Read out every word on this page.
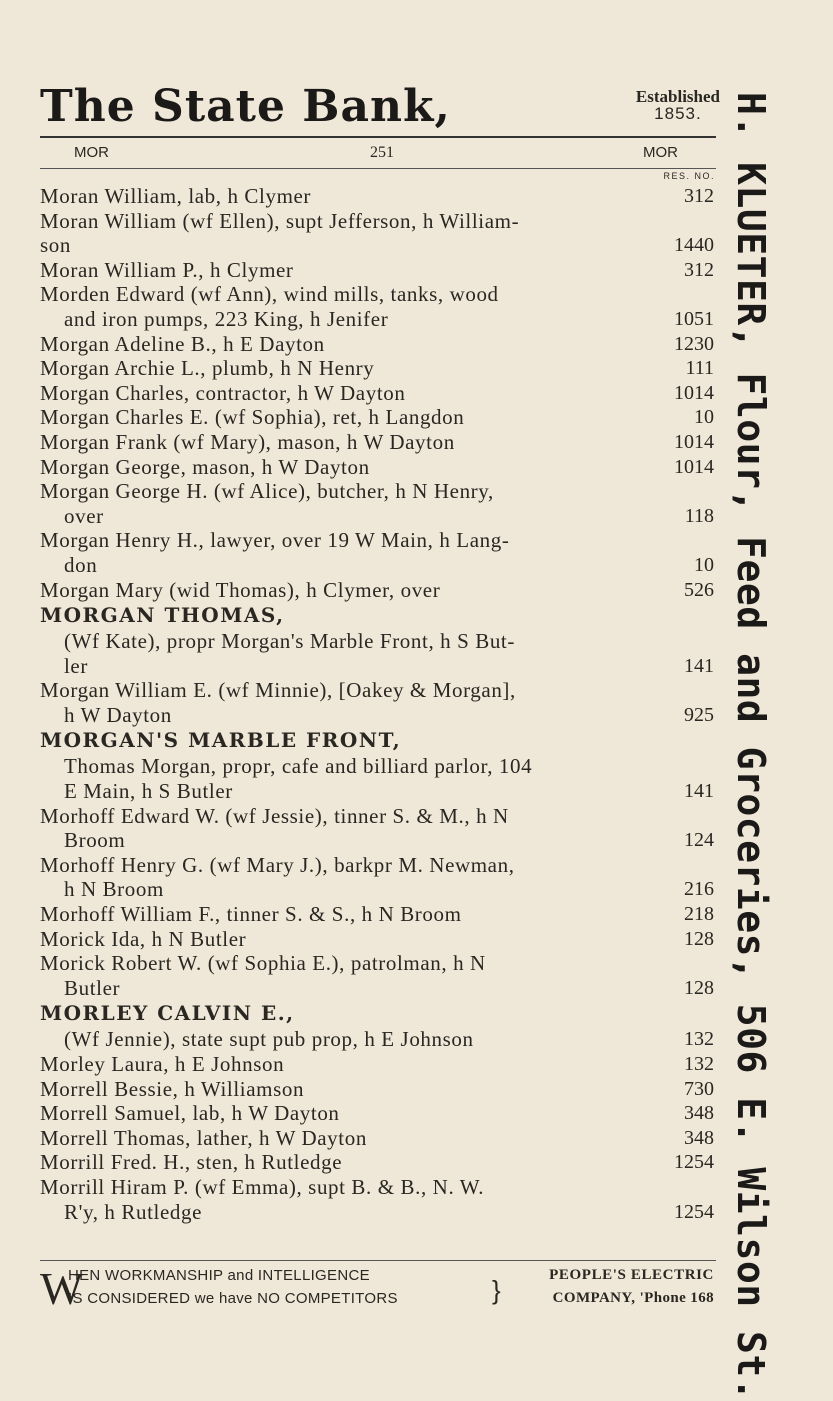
The State Bank,	Established
1853.
MOR	251	MOR
RES. NO.
Moran William, lab, h Clymer	312
Moran William (wf Ellen), supt Jefferson, h William-
son	1440
Moran William P., h Clymer	312
Morden Edward (wf Ann), wind mills, tanks, wood
and iron pumps, 223 King, h Jenifer	1051
Morgan Adeline B., h E Dayton	1230
Morgan Archie L., plumb, h N Henry	111
Morgan Charles, contractor, h W Dayton	1014
Morgan Charles E. (wf Sophia), ret, h Langdon	10
Morgan Frank (wf Mary), mason, h W Dayton	1014
Morgan George, mason, h W Dayton	1014
Morgan George H. (wf Alice), butcher, h N Henry,
over	118
Morgan Henry H., lawyer, over 19 W Main, h Lang-
don	10
Morgan Mary (wid Thomas), h Clymer, over	526
MORGAN THOMAS,
(Wf Kate), propr Morgan's Marble Front, h S But-
ler	141
Morgan William E. (wf Minnie), [Oakey & Morgan],
h W Dayton	925
MORGAN'S MARBLE FRONT,
Thomas Morgan, propr, cafe and billiard parlor, 104
E Main, h S Butler	141
Morhoff Edward W. (wf Jessie), tinner S. & M., h N
Broom	124
Morhoff Henry G. (wf Mary J.), barkpr M. Newman,
h N Broom	216
Morhoff William F., tinner S. & S., h N Broom	218
Morick Ida, h N Butler	128
Morick Robert W. (wf Sophia E.), patrolman, h N
Butler	128
MORLEY CALVIN E.,
(Wf Jennie), state supt pub prop, h E Johnson	132
Morley Laura, h E Johnson	132
Morrell Bessie, h Williamson	730
Morrell Samuel, lab, h W Dayton	348
Morrell Thomas, lather, h W Dayton	348
Morrill Fred. H., sten, h Rutledge	1254
Morrill Hiram P. (wf Emma), supt B. & B., N. W.
R'y, h Rutledge	1254
W
HEN WORKMANSHIP and INTELLIGENCE
IS CONSIDERED we have NO COMPETITORS	}	PEOPLE'S ELECTRIC
COMPANY, 'Phone 168 H. KLUETER, Flour, Feed and Groceries, 506 E. Wilson St.
